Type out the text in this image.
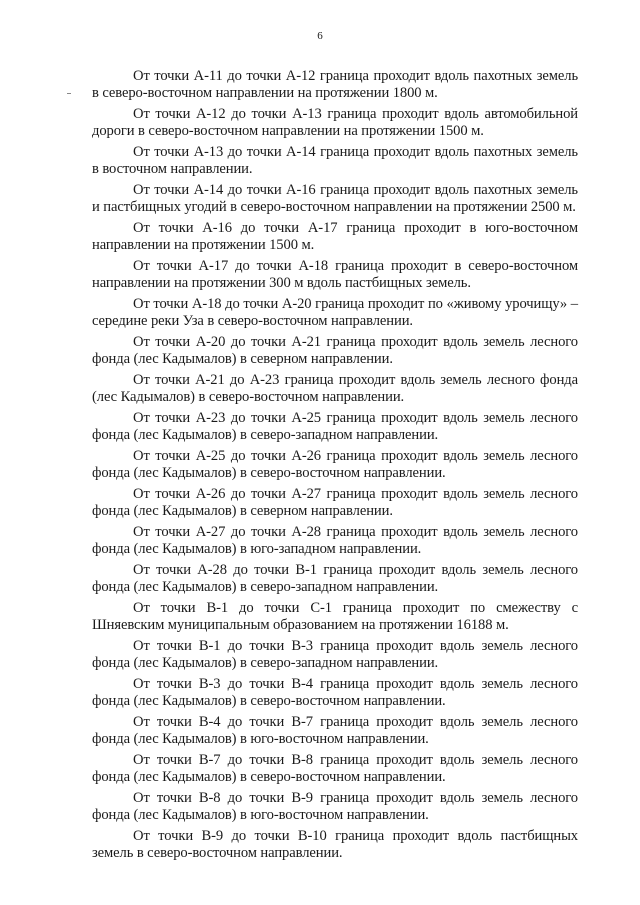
6

От точки А-11 до точки А-12 граница проходит вдоль пахотных земель в северо-восточном направлении на протяжении 1800 м.

От точки А-12 до точки А-13 граница проходит вдоль автомобильной дороги в северо-восточном направлении на протяжении 1500 м.

От точки А-13 до точки А-14 граница проходит вдоль пахотных земель в восточном направлении.

От точки А-14 до точки А-16 граница проходит вдоль пахотных земель и пастбищных угодий в северо-восточном направлении на протяжении 2500 м.

От точки А-16 до точки А-17 граница проходит в юго-восточном направлении на протяжении 1500 м.

От точки А-17 до точки А-18 граница проходит в северо-восточном направлении на протяжении 300 м вдоль пастбищных земель.

От точки А-18 до точки А-20 граница проходит по «живому урочищу» – середине реки Уза в северо-восточном направлении.

От точки А-20 до точки А-21 граница проходит вдоль земель лесного фонда (лес Кадымалов) в северном направлении.

От точки А-21 до А-23 граница проходит вдоль земель лесного фонда (лес Кадымалов) в северо-восточном направлении.

От точки А-23 до точки А-25 граница проходит вдоль земель лесного фонда (лес Кадымалов) в северо-западном направлении.

От точки А-25 до точки А-26 граница проходит вдоль земель лесного фонда (лес Кадымалов) в северо-восточном направлении.

От точки А-26 до точки А-27 граница проходит вдоль земель лесного фонда (лес Кадымалов) в северном направлении.

От точки А-27 до точки А-28 граница проходит вдоль земель лесного фонда (лес Кадымалов) в юго-западном направлении.

От точки А-28 до точки В-1 граница проходит вдоль земель лесного фонда (лес Кадымалов) в северо-западном направлении.

От точки В-1 до точки С-1 граница проходит по смежеству с Шняевским муниципальным образованием на протяжении 16188 м.

От точки В-1 до точки В-3 граница проходит вдоль земель лесного фонда (лес Кадымалов) в северо-западном направлении.

От точки В-3 до точки В-4 граница проходит вдоль земель лесного фонда (лес Кадымалов) в северо-восточном направлении.

От точки В-4 до точки В-7 граница проходит вдоль земель лесного фонда (лес Кадымалов) в юго-восточном направлении.

От точки В-7 до точки В-8 граница проходит вдоль земель лесного фонда (лес Кадымалов) в северо-восточном направлении.

От точки В-8 до точки В-9 граница проходит вдоль земель лесного фонда (лес Кадымалов) в юго-восточном направлении.

От точки В-9 до точки В-10 граница проходит вдоль пастбищных земель в северо-восточном направлении.
